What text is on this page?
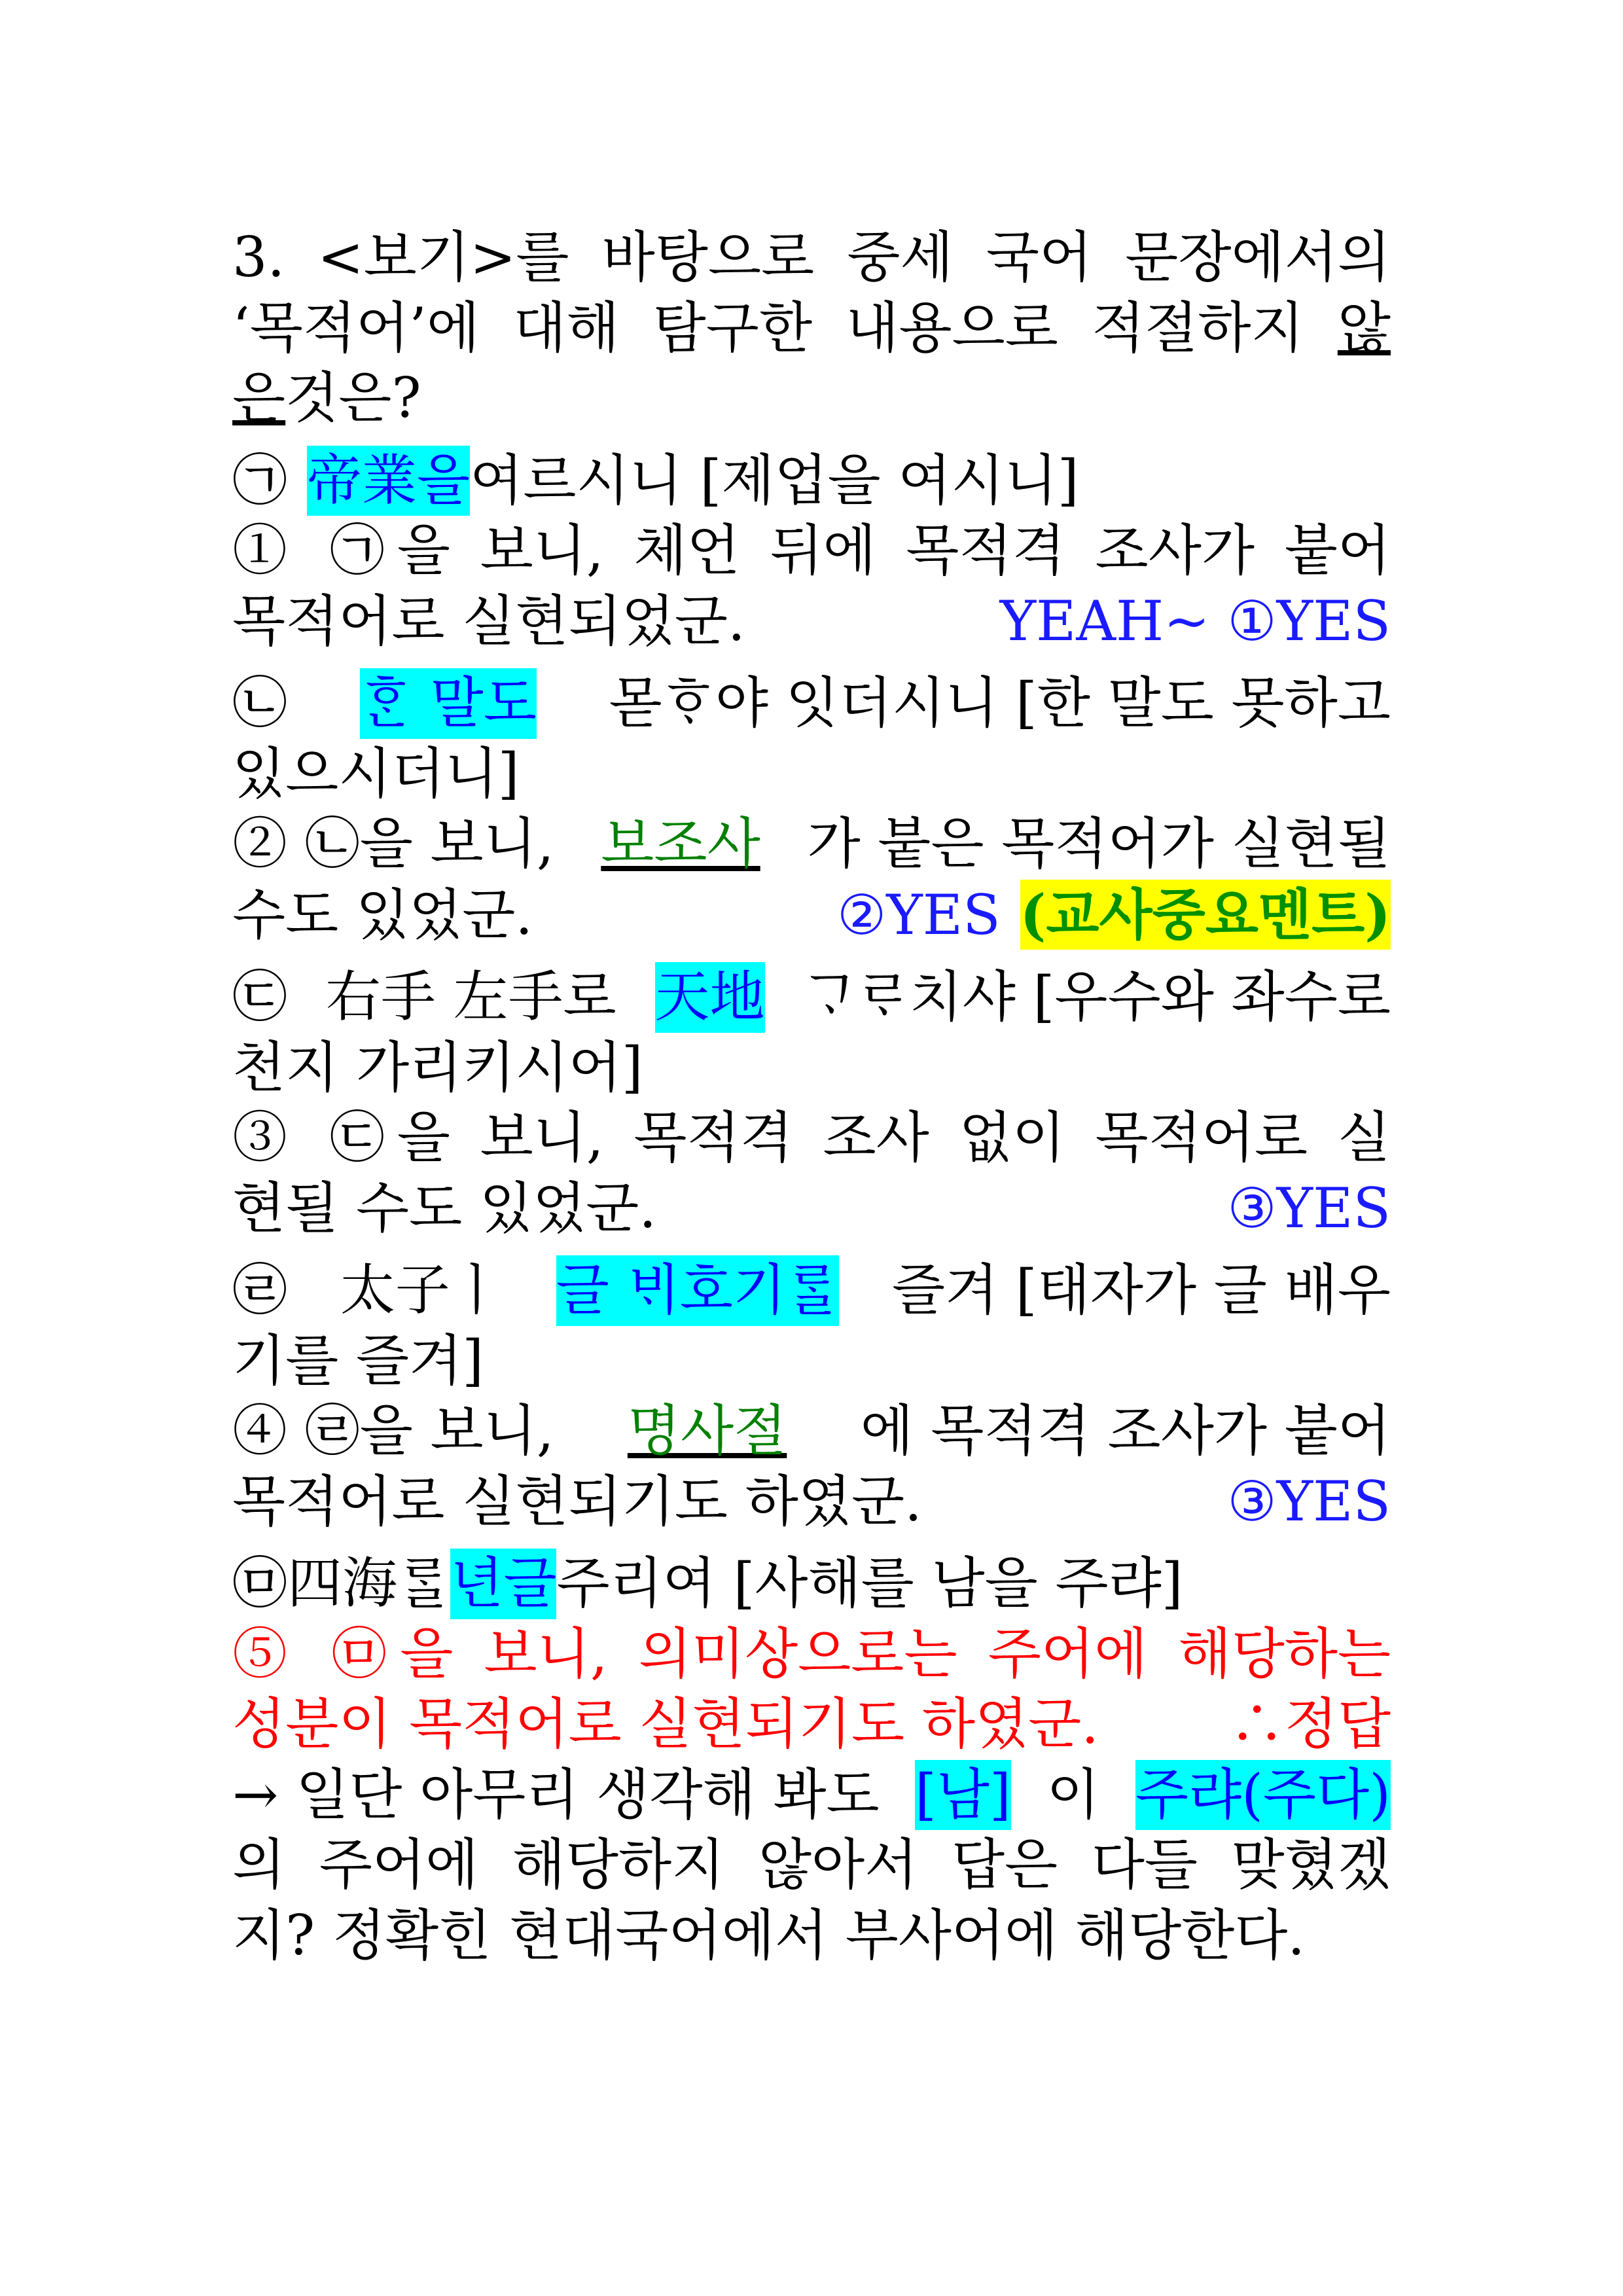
3. <보기>를 바탕으로 중세 국어 문장에서의
‘목적어’에 대해 탐구한 내용으로 적절하지 않
은 것은?
㉠ 帝業을 여르시니 [제업을 여시니]
① ㉠을 보니, 체언 뒤에 목적격 조사가 붙어
목적어로 실현되었군.	YEAH~ ①YES
㉡ ᄒᆞᆫ 말도 몯ᄒᆞ야 잇더시니 [한 말도 못하고
있으시더니]
② ㉡을 보니, 보조사 가 붙은 목적어가 실현될
수도 있었군.	②YES (교사중요멘트)
㉢ 右手 左手로 天地 ᄀᆞᄅᆞ치샤 [우수와 좌수로
천지 가리키시어]
③ ㉢을 보니, 목적격 조사 없이 목적어로 실
현될 수도 있었군.	③YES
㉣ 太子ㅣ 글 ᄇᆡ호기ᄅᆞᆯ 즐겨 [태자가 글 배우
기를 즐겨]
④ ㉣을 보니, 명사절 에 목적격 조사가 붙어
목적어로 실현되기도 하였군.	③YES
㉤ 四海ᄅᆞᆯ 년글 주리여 [사해를 남을 주랴]
⑤ ㉤을 보니, 의미상으로는 주어에 해당하는
성분이 목적어로 실현되기도 하였군. ∴정답
→ 일단 아무리 생각해 봐도 [남] 이 주랴(주다)
의 주어에 해당하지 않아서 답은 다들 맞혔겠
지? 정확힌 현대국어에서 부사어에 해당한다.
